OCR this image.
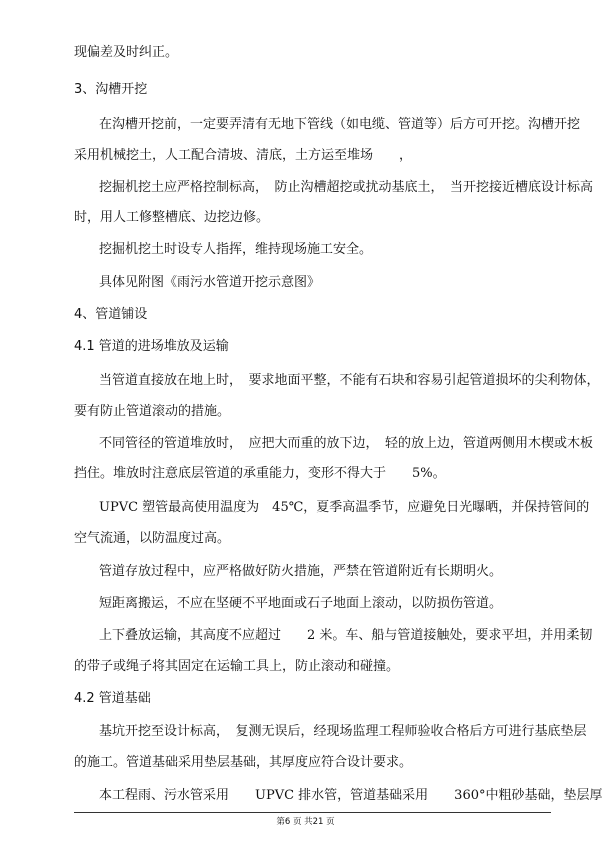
现偏差及时纠正。
3、沟槽开挖
在沟槽开挖前，一定要弄清有无地下管线（如电缆、管道等）后方可开挖。沟槽开挖
采用机械挖土，人工配合清坡、清底，土方运至堆场　　，
挖掘机挖土应严格控制标高，　防止沟槽超挖或扰动基底土，　当开挖接近槽底设计标高
时，用人工修整槽底、边挖边修。
挖掘机挖土时设专人指挥，维持现场施工安全。
具体见附图《雨污水管道开挖示意图》
4、管道铺设
4.1 管道的进场堆放及运输
当管道直接放在地上时，　要求地面平整，不能有石块和容易引起管道损坏的尖利物体，
要有防止管道滚动的措施。
不同管径的管道堆放时，　应把大而重的放下边，　轻的放上边，管道两侧用木楔或木板
挡住。堆放时注意底层管道的承重能力，变形不得大于　　5%。
UPVC 塑管最高使用温度为　45℃，夏季高温季节，应避免日光曝晒，并保持管间的
空气流通，以防温度过高。
管道存放过程中，应严格做好防火措施，严禁在管道附近有长期明火。
短距离搬运，不应在坚硬不平地面或石子地面上滚动，以防损伤管道。
上下叠放运输，其高度不应超过　　2 米。车、船与管道接触处，要求平坦，并用柔韧
的带子或绳子将其固定在运输工具上，防止滚动和碰撞。
4.2 管道基础
基坑开挖至设计标高，　复测无误后，经现场监理工程师验收合格后方可进行基底垫层
的施工。管道基础采用垫层基础，其厚度应符合设计要求。
本工程雨、污水管采用　　UPVC 排水管，管道基础采用　　360°中粗砂基础，垫层厚
第6 页 共21 页
